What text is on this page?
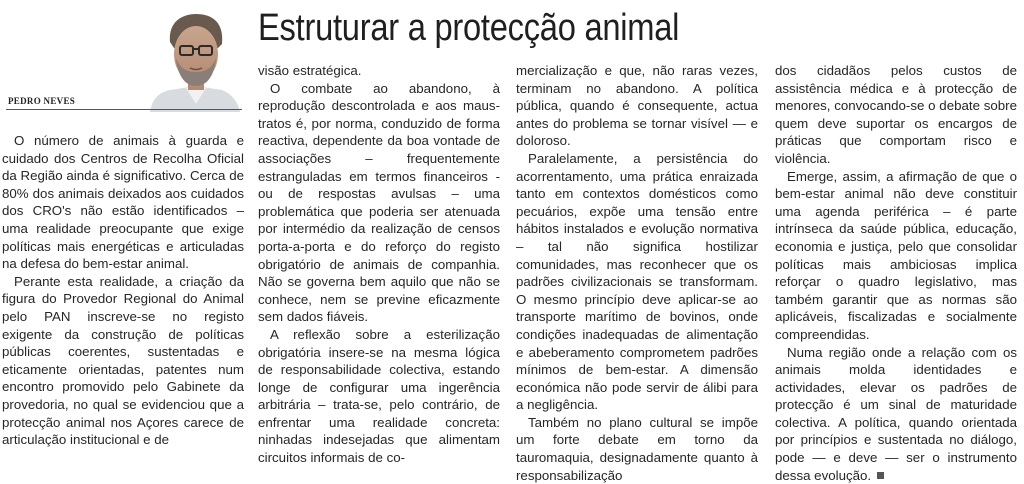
Estruturar a protecção animal
PEDRO NEVES

O número de animais à guarda e cuidado dos Centros de Recolha Oficial da Região ainda é significativo. Cerca de 80% dos animais deixados aos cuidados dos CRO's não estão identificados – uma realidade preocupante que exige políticas mais energéticas e articuladas na defesa do bem-estar animal.

Perante esta realidade, a criação da figura do Provedor Regional do Animal pelo PAN inscreve-se no registo exigente da construção de políticas públicas coerentes, sustentadas e eticamente orientadas, patentes num encontro promovido pelo Gabinete da provedoria, no qual se evidenciou que a protecção animal nos Açores carece de articulação institucional e de

visão estratégica.

O combate ao abandono, à reprodução descontrolada e aos maus-tratos é, por norma, conduzido de forma reactiva, dependente da boa vontade de associações – frequentemente estranguladas em termos financeiros - ou de respostas avulsas – uma problemática que poderia ser atenuada por intermédio da realização de censos porta-a-porta e do reforço do registo obrigatório de animais de companhia. Não se governa bem aquilo que não se conhece, nem se previne eficazmente sem dados fiáveis.

A reflexão sobre a esterilização obrigatória insere-se na mesma lógica de responsabilidade colectiva, estando longe de configurar uma ingerência arbitrária – trata-se, pelo contrário, de enfrentar uma realidade concreta: ninhadas indesejadas que alimentam circuitos informais de co-

mercialização e que, não raras vezes, terminam no abandono. A política pública, quando é consequente, actua antes do problema se tornar visível — e doloroso.

Paralelamente, a persistência do acorrentamento, uma prática enraizada tanto em contextos domésticos como pecuários, expõe uma tensão entre hábitos instalados e evolução normativa – tal não significa hostilizar comunidades, mas reconhecer que os padrões civilizacionais se transformam. O mesmo princípio deve aplicar-se ao transporte marítimo de bovinos, onde condições inadequadas de alimentação e abeberamento comprometem padrões mínimos de bem-estar. A dimensão económica não pode servir de álibi para a negligência.

Também no plano cultural se impõe um forte debate em torno da tauromaquia, designadamente quanto à responsabilização

dos cidadãos pelos custos de assistência médica e à protecção de menores, convocando-se o debate sobre quem deve suportar os encargos de práticas que comportam risco e violência.

Emerge, assim, a afirmação de que o bem-estar animal não deve constituir uma agenda periférica – é parte intrínseca da saúde pública, educação, economia e justiça, pelo que consolidar políticas mais ambiciosas implica reforçar o quadro legislativo, mas também garantir que as normas são aplicáveis, fiscalizadas e socialmente compreendidas.

Numa região onde a relação com os animais molda identidades e actividades, elevar os padrões de protecção é um sinal de maturidade colectiva. A política, quando orientada por princípios e sustentada no diálogo, pode — e deve — ser o instrumento dessa evolução.
